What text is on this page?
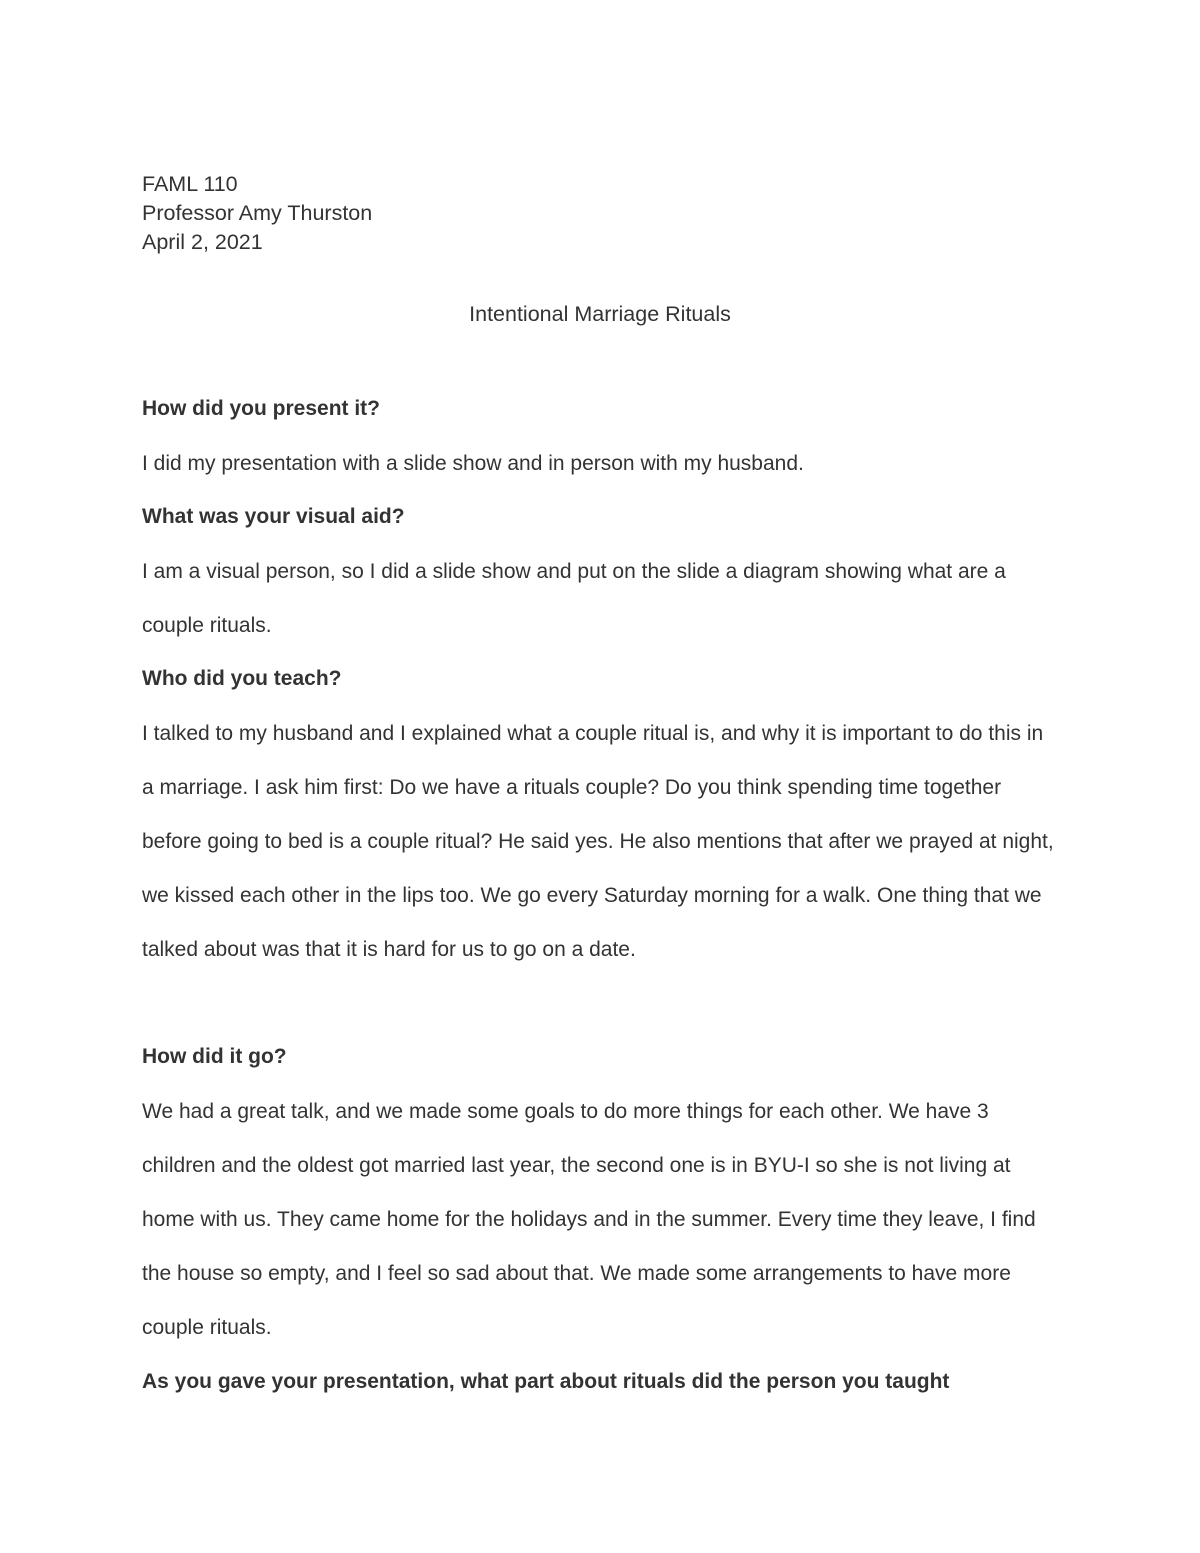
FAML 110

Professor Amy Thurston

April 2, 2021

Intentional Marriage Rituals

How did you present it?

I did my presentation with a slide show and in person with my husband.

What was your visual aid?

I am a visual person, so I did a slide show and put on the slide a diagram showing what are a couple rituals.

Who did you teach?

I talked to my husband and I explained what a couple ritual is, and why it is important to do this in a marriage. I ask him first: Do we have a rituals couple? Do you think spending time together before going to bed is a couple ritual? He said yes. He also mentions that after we prayed at night, we kissed each other in the lips too. We go every Saturday morning for a walk. One thing that we talked about was that it is hard for us to go on a date.

How did it go?

We had a great talk, and we made some goals to do more things for each other. We have 3 children and the oldest got married last year, the second one is in BYU-I so she is not living at home with us. They came home for the holidays and in the summer. Every time they leave, I find the house so empty, and I feel so sad about that. We made some arrangements to have more couple rituals.

As you gave your presentation, what part about rituals did the person you taught
